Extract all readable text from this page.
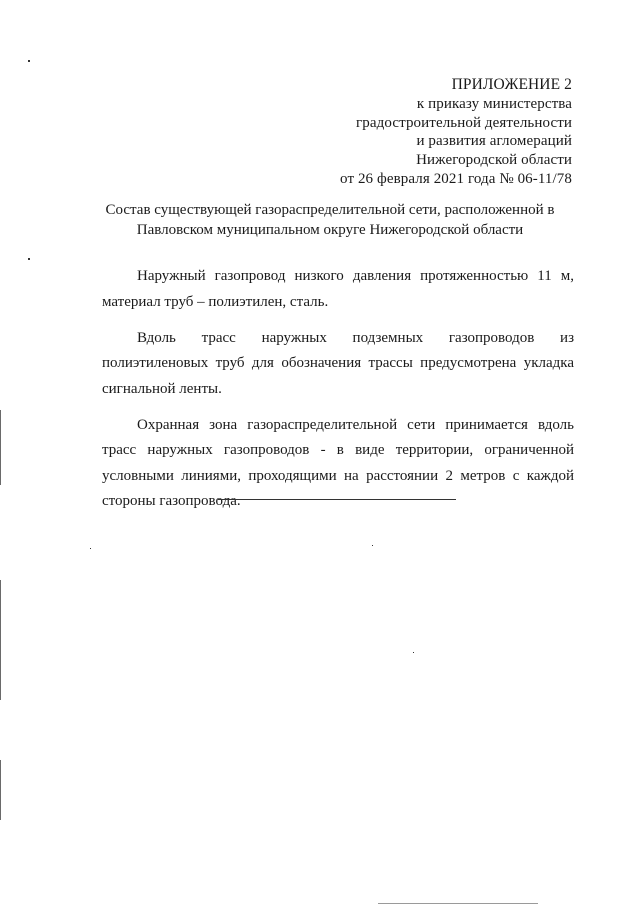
ПРИЛОЖЕНИЕ 2
к приказу министерства
градостроительной деятельности
и развития агломераций
Нижегородской области
от 26 февраля 2021 года № 06-11/78
Состав существующей газораспределительной сети, расположенной в
Павловском муниципальном округе Нижегородской области

Наружный газопровод низкого давления протяженностью 11 м, материал труб – полиэтилен, сталь.

Вдоль трасс наружных подземных газопроводов из полиэтиленовых труб для обозначения трассы предусмотрена укладка сигнальной ленты.

Охранная зона газораспределительной сети принимается вдоль трасс наружных газопроводов - в виде территории, ограниченной условными линиями, проходящими на расстоянии 2 метров с каждой стороны газопровода.
